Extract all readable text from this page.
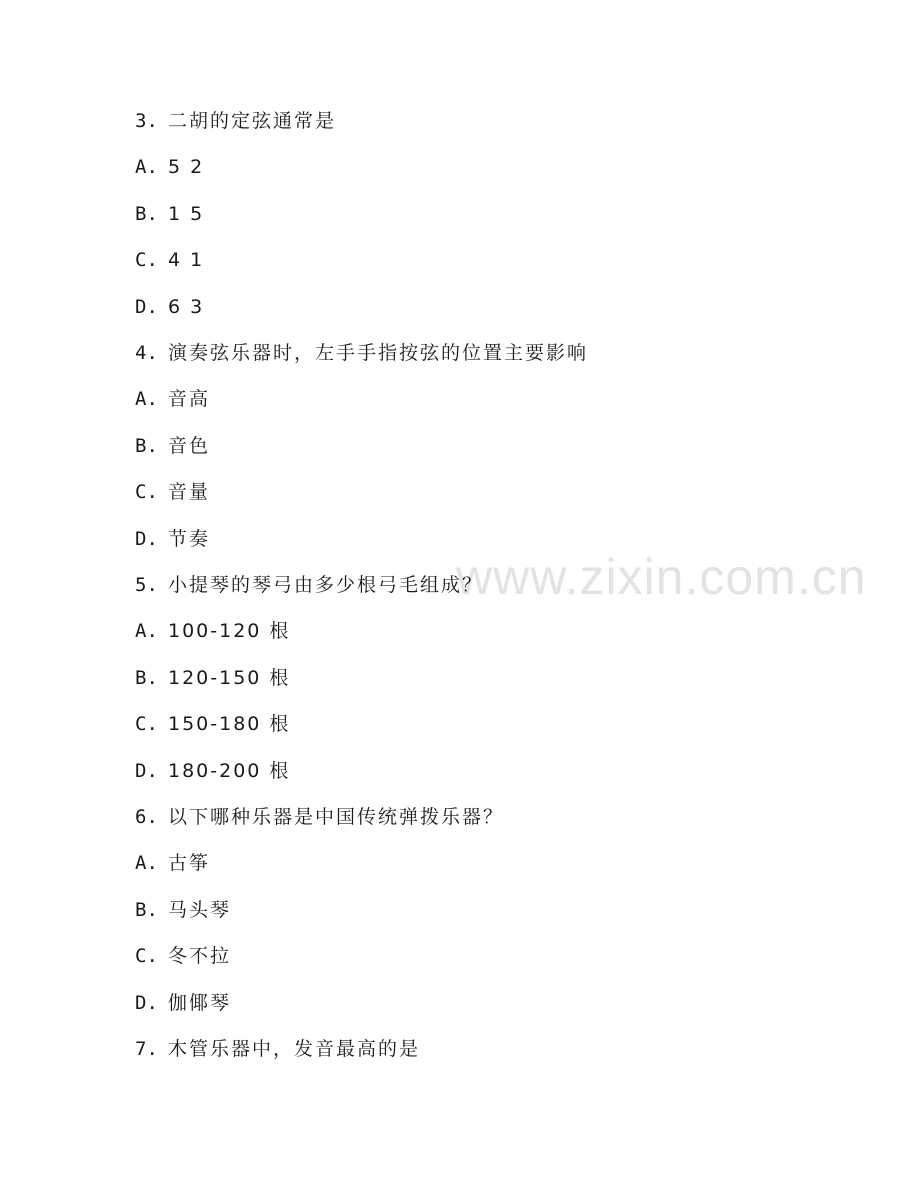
www.zixin.com.cn
3. 二胡的定弦通常是
A. 5 2
B. 1 5
C. 4 1
D. 6 3
4. 演奏弦乐器时，左手手指按弦的位置主要影响
A. 音高
B. 音色
C. 音量
D. 节奏
5. 小提琴的琴弓由多少根弓毛组成？
A. 100-120 根
B. 120-150 根
C. 150-180 根
D. 180-200 根
6. 以下哪种乐器是中国传统弹拨乐器？
A. 古筝
B. 马头琴
C. 冬不拉
D. 伽倻琴
7. 木管乐器中，发音最高的是
